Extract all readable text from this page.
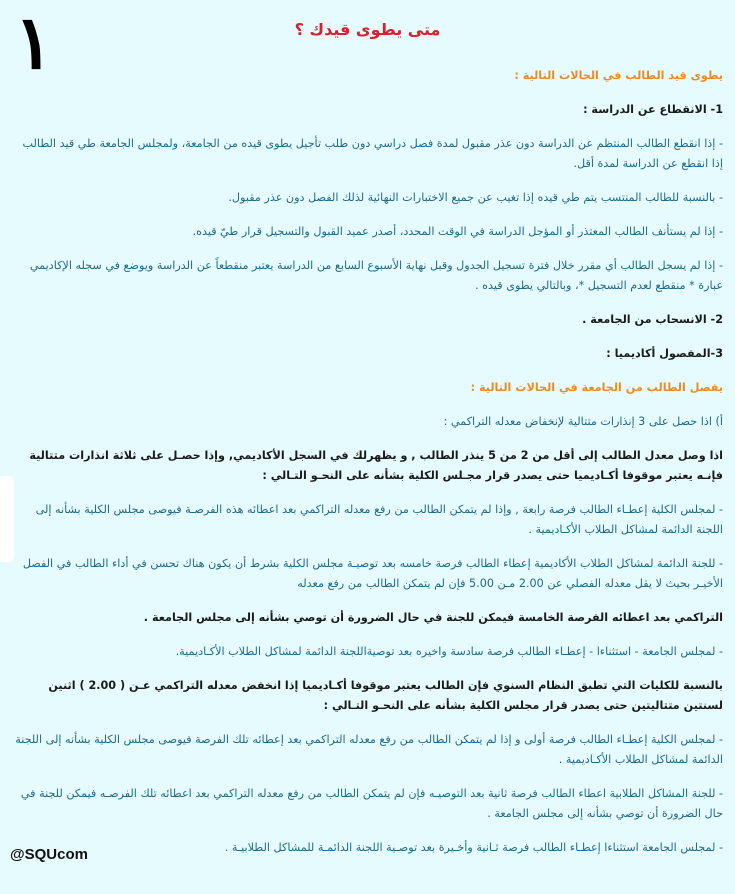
١	متى يطوى قيدك ؟

يطوى قيد الطالب في الحالات التالية :

1- الانقطاع عن الدراسة :

- إذا انقطع الطالب المنتظم عن الدراسة دون عذر مقبول لمدة فصل دراسي دون طلب تأجيل يطوى قيده من الجامعة، ولمجلس الجامعة طي قيد الطالب إذا انقطع عن الدراسة لمدة أقل.

- بالنسبة للطالب المنتسب يتم طي قيده إذا تغيب عن جميع الاختبارات النهائية لذلك الفصل دون عذر مقبول.

- إذا لم يستأنف الطالب المعتذر أو المؤجل الدراسة في الوقت المحدد، أصدر عميد القبول والتسجيل قرار طيّ قيده.

- إذا لم يسجل الطالب أي مقرر خلال فترة تسجيل الجدول وقبل نهاية الأسبوع السابع من الدراسة يعتبر منقطعاً عن الدراسة ويوضع في سجله الإكاديمي عبارة * منقطع لعدم التسجيل *، وبالتالي يطوى قيده .

2- الانسحاب من الجامعة .

3-المفصول أكاديميا :

يفصل الطالب من الجامعة في الحالات التالية :

أ) اذا حصل على 3 إنذارات متتالية لإنخفاض معدله التراكمي :

اذا وصل معدل الطالب إلى أقل من 2 من 5 ينذر الطالب , و يظهرلك في السجل الأكاديمي, وإذا حصـل على ثلاثة انذارات متتالية فإنـه يعتبر موقوفا أكـاديميا حتى يصدر قرار مجـلس الكلية بشأنه على النحـو التـالي :

- لمجلس الكلية إعطـاء الطالب فرصة رابعة , وإذا لم يتمكن الطالب من رفع معدله التراكمي بعد اعطائه هذه الفرصـة فيوصى مجلس الكلية بشأنه إلى اللجنة الدائمة لمشاكل الطلاب الأكـاديمية .

- للجنة الدائمة لمشاكل الطلاب الأكاديمية إعطاء الطالب فرصة خامسه بعد توصيـة مجلس الكلية بشرط أن يكون هناك تحسن في أداء الطالب في الفصل الأخيـر بحيث لا يقل معدله الفصلي عن 2.00 مـن 5.00 فإن لم يتمكن الطالب من رفع معدله

التراكمي بعد اعطائه الفرصة الخامسة فيمكن للجنة في حال الضرورة أن توصي بشأنه إلى مجلس الجامعة .

- لمجلس الجامعة - استثناءا - إعطـاء الطالب فرصة سادسة واخيره بعد توصيةاللجنة الدائمة لمشاكل الطلاب الأكـاديمية.

بالنسبة للكليات التي تطبق النظام السنوي فإن الطالب يعتبر موقوفا أكـاديميا إذا انخفض معدله التراكمي عـن ( 2.00 ) اثنين لسنتين متتاليتين حتى يصدر قرار مجلس الكلية بشأنه على النحـو التـالي :

- لمجلس الكلية إعطـاء الطالب فرصة أولى و إذا لم يتمكن الطالب من رفع معدله التراكمي بعد إعطائه تلك الفرصة فيوصى مجلس الكلية بشأنه إلى اللجنة الدائمة لمشاكل الطلاب الأكـاديمية .

- للجنة المشاكل الطلابية اعطاء الطالب فرصة ثانية بعد التوصيـه فإن لم يتمكن الطالب من رفع معدله التراكمي بعد اعطائه تلك الفرصـه فيمكن للجنة في حال الضرورة أن توصي بشأنه إلى مجلس الجامعة .

- لمجلس الجامعة استثناءا إعطـاء الطالب فرصة ثـانية وأخـيرة بعد توصـية اللجنة الدائمـة للمشاكل الطلابيـة .

@SQUcom
